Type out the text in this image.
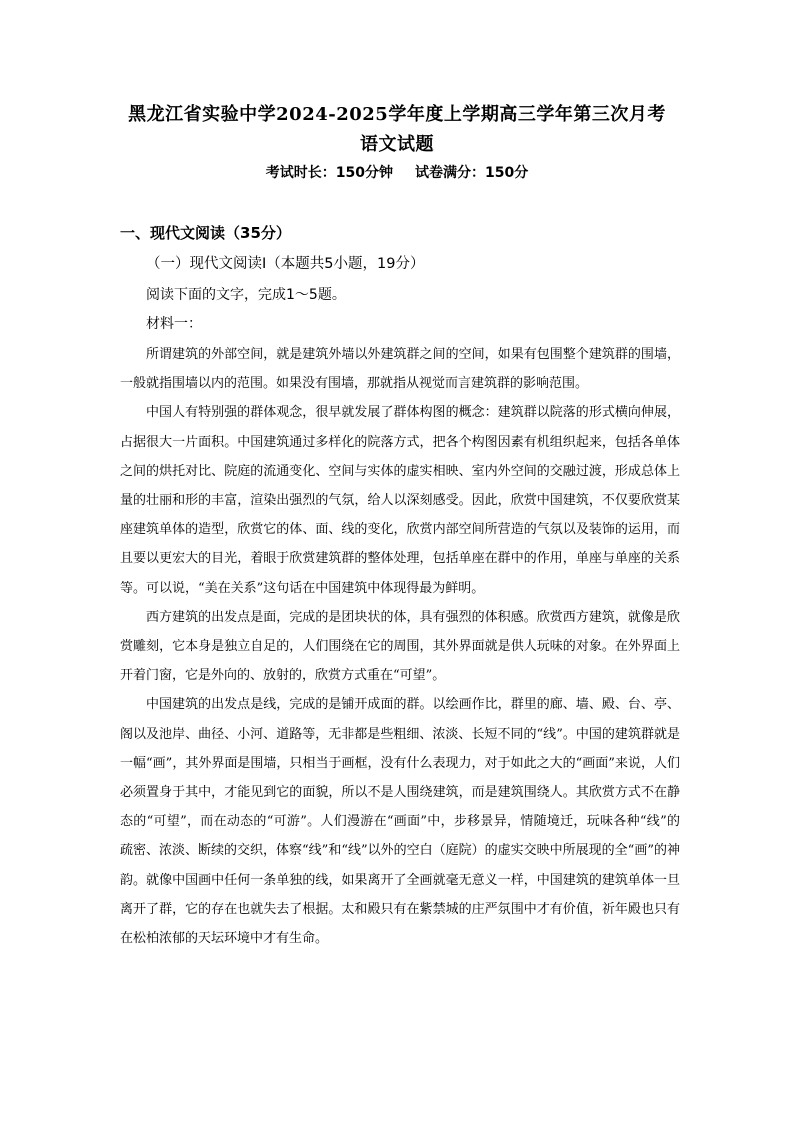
黑龙江省实验中学2024-2025学年度上学期高三学年第三次月考
语文试题
考试时长：150分钟 试卷满分：150分
一、现代文阅读（35分）
（一）现代文阅读Ⅰ（本题共5小题，19分）
阅读下面的文字，完成1～5题。
材料一：

所谓建筑的外部空间，就是建筑外墙以外建筑群之间的空间，如果有包围整个建筑群的围墙，一般就指围墙以内的范围。如果没有围墙，那就指从视觉而言建筑群的影响范围。

中国人有特别强的群体观念，很早就发展了群体构图的概念：建筑群以院落的形式横向伸展，占据很大一片面积。中国建筑通过多样化的院落方式，把各个构图因素有机组织起来，包括各单体之间的烘托对比、院庭的流通变化、空间与实体的虚实相映、室内外空间的交融过渡，形成总体上量的壮丽和形的丰富，渲染出强烈的气氛，给人以深刻感受。因此，欣赏中国建筑，不仅要欣赏某座建筑单体的造型，欣赏它的体、面、线的变化，欣赏内部空间所营造的气氛以及装饰的运用，而且要以更宏大的目光，着眼于欣赏建筑群的整体处理，包括单座在群中的作用，单座与单座的关系等。可以说，“美在关系”这句话在中国建筑中体现得最为鲜明。

西方建筑的出发点是面，完成的是团块状的体，具有强烈的体积感。欣赏西方建筑，就像是欣赏雕刻，它本身是独立自足的，人们围绕在它的周围，其外界面就是供人玩味的对象。在外界面上开着门窗，它是外向的、放射的，欣赏方式重在“可望”。

中国建筑的出发点是线，完成的是铺开成面的群。以绘画作比，群里的廊、墙、殿、台、亭、阁以及池岸、曲径、小河、道路等，无非都是些粗细、浓淡、长短不同的“线”。中国的建筑群就是一幅“画”，其外界面是围墙，只相当于画框，没有什么表现力，对于如此之大的“画面”来说，人们必须置身于其中，才能见到它的面貌，所以不是人围绕建筑，而是建筑围绕人。其欣赏方式不在静态的“可望”，而在动态的“可游”。人们漫游在“画面”中，步移景异，情随境迁，玩味各种“线”的疏密、浓淡、断续的交织，体察“线”和“线”以外的空白（庭院）的虚实交映中所展现的全“画”的神韵。就像中国画中任何一条单独的线，如果离开了全画就毫无意义一样，中国建筑的建筑单体一旦离开了群，它的存在也就失去了根据。太和殿只有在紫禁城的庄严氛围中才有价值，祈年殿也只有在松柏浓郁的天坛环境中才有生命。
